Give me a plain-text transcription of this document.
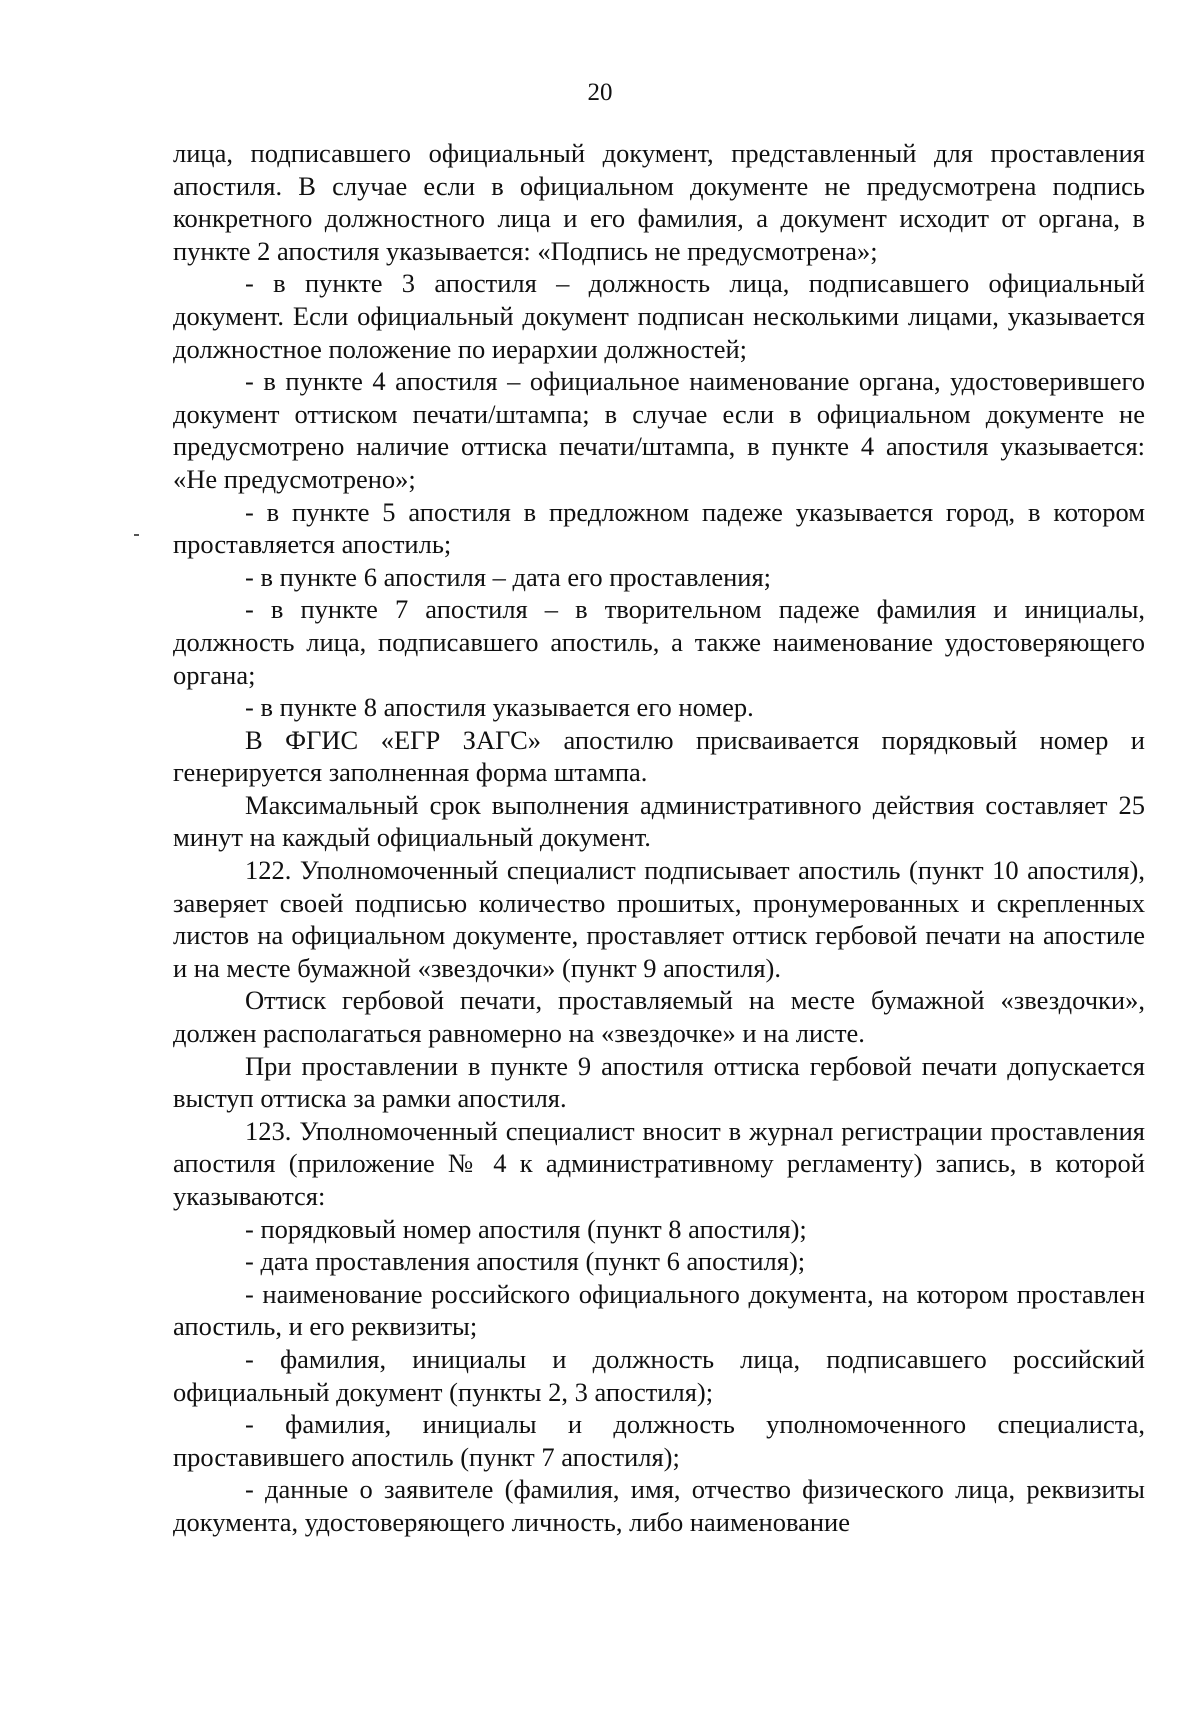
20

лица, подписавшего официальный документ, представленный для проставления апостиля. В случае если в официальном документе не предусмотрена подпись конкретного должностного лица и его фамилия, а документ исходит от органа, в пункте 2 апостиля указывается: «Подпись не предусмотрена»;

- в пункте 3 апостиля – должность лица, подписавшего официальный документ. Если официальный документ подписан несколькими лицами, указывается должностное положение по иерархии должностей;

- в пункте 4 апостиля – официальное наименование органа, удостоверившего документ оттиском печати/штампа; в случае если в официальном документе не предусмотрено наличие оттиска печати/штампа, в пункте 4 апостиля указывается: «Не предусмотрено»;

- в пункте 5 апостиля в предложном падеже указывается город, в котором проставляется апостиль;

- в пункте 6 апостиля – дата его проставления;

- в пункте 7 апостиля – в творительном падеже фамилия и инициалы, должность лица, подписавшего апостиль, а также наименование удостоверяющего органа;

- в пункте 8 апостиля указывается его номер.

В ФГИС «ЕГР ЗАГС» апостилю присваивается порядковый номер и генерируется заполненная форма штампа.

Максимальный срок выполнения административного действия составляет 25 минут на каждый официальный документ.

122. Уполномоченный специалист подписывает апостиль (пункт 10 апостиля), заверяет своей подписью количество прошитых, пронумерованных и скрепленных листов на официальном документе, проставляет оттиск гербовой печати на апостиле и на месте бумажной «звездочки» (пункт 9 апостиля).

Оттиск гербовой печати, проставляемый на месте бумажной «звездочки», должен располагаться равномерно на «звездочке» и на листе.

При проставлении в пункте 9 апостиля оттиска гербовой печати допускается выступ оттиска за рамки апостиля.

123. Уполномоченный специалист вносит в журнал регистрации проставления апостиля (приложение № 4 к административному регламенту) запись, в которой указываются:

- порядковый номер апостиля (пункт 8 апостиля);

- дата проставления апостиля (пункт 6 апостиля);

- наименование российского официального документа, на котором проставлен апостиль, и его реквизиты;

- фамилия, инициалы и должность лица, подписавшего российский официальный документ (пункты 2, 3 апостиля);

- фамилия, инициалы и должность уполномоченного специалиста, проставившего апостиль (пункт 7 апостиля);

- данные о заявителе (фамилия, имя, отчество физического лица, реквизиты документа, удостоверяющего личность, либо наименование
